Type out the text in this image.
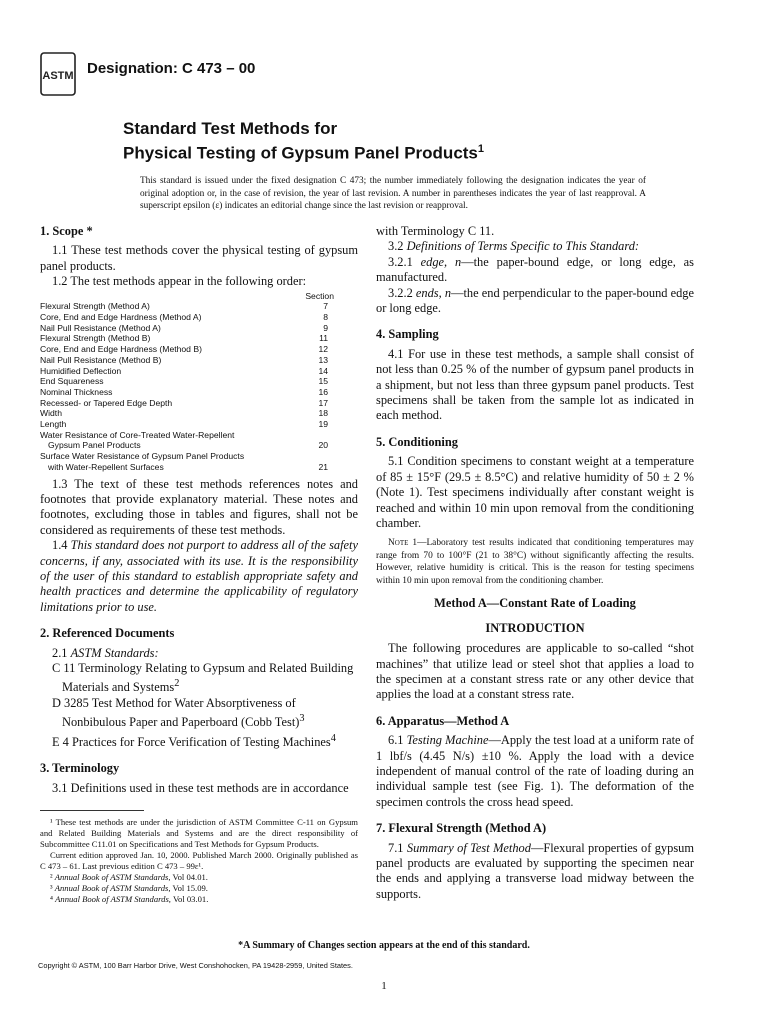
ASTM Designation: C 473 – 00
Standard Test Methods for
Physical Testing of Gypsum Panel Products$^1$
This standard is issued under the fixed designation C 473; the number immediately following the designation indicates the year of original adoption or, in the case of revision, the year of last revision. A number in parentheses indicates the year of last reapproval. A superscript epsilon (ε) indicates an editorial change since the last revision or reapproval.

1. Scope *

1.1 These test methods cover the physical testing of gypsum panel products.

1.2 The test methods appear in the following order:

Section
Flexural Strength (Method A)	7
Core, End and Edge Hardness (Method A)	8
Nail Pull Resistance (Method A)	9
Flexural Strength (Method B)	11
Core, End and Edge Hardness (Method B)	12
Nail Pull Resistance (Method B)	13
Humidified Deflection	14
End Squareness	15
Nominal Thickness	16
Recessed- or Tapered Edge Depth	17
Width	18
Length	19
Water Resistance of Core-Treated Water-Repellent
Gypsum Panel Products	20
Surface Water Resistance of Gypsum Panel Products
with Water-Repellent Surfaces	21

1.3 The text of these test methods references notes and footnotes that provide explanatory material. These notes and footnotes, excluding those in tables and figures, shall not be considered as requirements of these test methods.

1.4 This standard does not purport to address all of the safety concerns, if any, associated with its use. It is the responsibility of the user of this standard to establish appropriate safety and health practices and determine the applicability of regulatory limitations prior to use.

2. Referenced Documents

2.1 ASTM Standards:

C 11 Terminology Relating to Gypsum and Related Building Materials and Systems$^2$

D 3285 Test Method for Water Absorptiveness of Nonbibulous Paper and Paperboard (Cobb Test)$^3$

E 4 Practices for Force Verification of Testing Machines$^4$

3. Terminology

3.1 Definitions used in these test methods are in accordance

¹ These test methods are under the jurisdiction of ASTM Committee C-11 on Gypsum and Related Building Materials and Systems and are the direct responsibility of Subcommittee C11.01 on Specifications and Test Methods for Gypsum Products.

Current edition approved Jan. 10, 2000. Published March 2000. Originally published as C 473 – 61. Last previous edition C 473 – 99ε¹.

² Annual Book of ASTM Standards, Vol 04.01.

³ Annual Book of ASTM Standards, Vol 15.09.

⁴ Annual Book of ASTM Standards, Vol 03.01.

with Terminology C 11.

3.2 Definitions of Terms Specific to This Standard:

3.2.1 edge, n—the paper-bound edge, or long edge, as manufactured.

3.2.2 ends, n—the end perpendicular to the paper-bound edge or long edge.

4. Sampling

4.1 For use in these test methods, a sample shall consist of not less than 0.25 % of the number of gypsum panel products in a shipment, but not less than three gypsum panel products. Test specimens shall be taken from the sample lot as indicated in each method.

5. Conditioning

5.1 Condition specimens to constant weight at a temperature of 85 ± 15°F (29.5 ± 8.5°C) and relative humidity of 50 ± 2 % (Note 1). Test specimens individually after constant weight is reached and within 10 min upon removal from the conditioning chamber.

Note 1—Laboratory test results indicated that conditioning temperatures may range from 70 to 100°F (21 to 38°C) without significantly affecting the results. However, relative humidity is critical. This is the reason for testing specimens within 10 min upon removal from the conditioning chamber.

Method A—Constant Rate of Loading

INTRODUCTION

The following procedures are applicable to so-called “shot machines” that utilize lead or steel shot that applies a load to the specimen at a constant stress rate or any other device that applies the load at a constant stress rate.

6. Apparatus—Method A

6.1 Testing Machine—Apply the test load at a uniform rate of 1 lbf/s (4.45 N/s) ±10 %. Apply the load with a device independent of manual control of the rate of loading during an individual sample test (see Fig. 1). The deformation of the specimen controls the cross head speed.

7. Flexural Strength (Method A)

7.1 Summary of Test Method—Flexural properties of gypsum panel products are evaluated by supporting the specimen near the ends and applying a transverse load midway between the supports.

*A Summary of Changes section appears at the end of this standard.
Copyright © ASTM, 100 Barr Harbor Drive, West Conshohocken, PA 19428-2959, United States.
1
